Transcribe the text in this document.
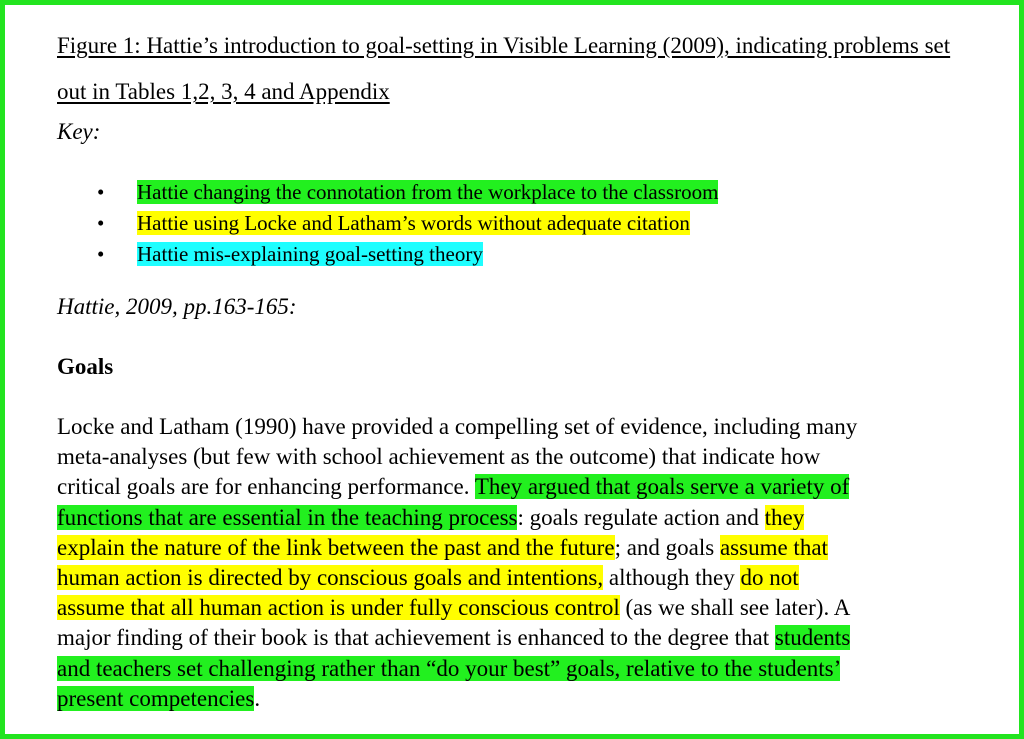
Figure 1: Hattie’s introduction to goal-setting in Visible Learning (2009), indicating problems set out in Tables 1,2, 3, 4 and Appendix

Key:

• Hattie changing the connotation from the workplace to the classroom
• Hattie using Locke and Latham’s words without adequate citation
• Hattie mis-explaining goal-setting theory

Hattie, 2009, pp.163-165:

Goals

Locke and Latham (1990) have provided a compelling set of evidence, including many meta-analyses (but few with school achievement as the outcome) that indicate how critical goals are for enhancing performance. They argued that goals serve a variety of functions that are essential in the teaching process: goals regulate action and they explain the nature of the link between the past and the future; and goals assume that human action is directed by conscious goals and intentions, although they do not assume that all human action is under fully conscious control (as we shall see later). A major finding of their book is that achievement is enhanced to the degree that students and teachers set challenging rather than “do your best” goals, relative to the students’ present competencies.
